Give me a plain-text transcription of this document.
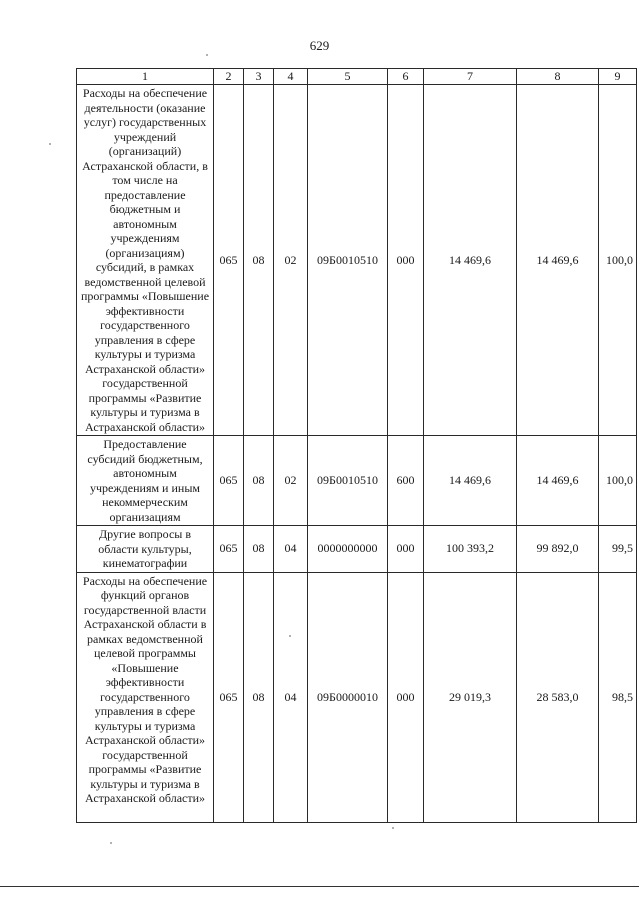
629
1	2	3	4	5	6	7	8	9
Расходы на обеспечение деятельности (оказание услуг) государственных учреждений (организаций) Астраханской области, в том числе на предоставление бюджетным и автономным учреждениям (организациям) субсидий, в рамках ведомственной целевой программы «Повышение эффективности государственного управления в сфере культуры и туризма Астраханской области» государственной программы «Развитие культуры и туризма в Астраханской области»	065	08	02	09Б0010510	000	14 469,6	14 469,6	100,0
Предоставление субсидий бюджетным, автономным учреждениям и иным некоммерческим организациям	065	08	02	09Б0010510	600	14 469,6	14 469,6	100,0
Другие вопросы в области культуры, кинематографии	065	08	04	0000000000	000	100 393,2	99 892,0	99,5
Расходы на обеспечение функций органов государственной власти Астраханской области в рамках ведомственной целевой программы «Повышение эффективности государственного управления в сфере культуры и туризма Астраханской области» государственной программы «Развитие культуры и туризма в Астраханской области»	065	08	04	09Б0000010	000	29 019,3	28 583,0	98,5
